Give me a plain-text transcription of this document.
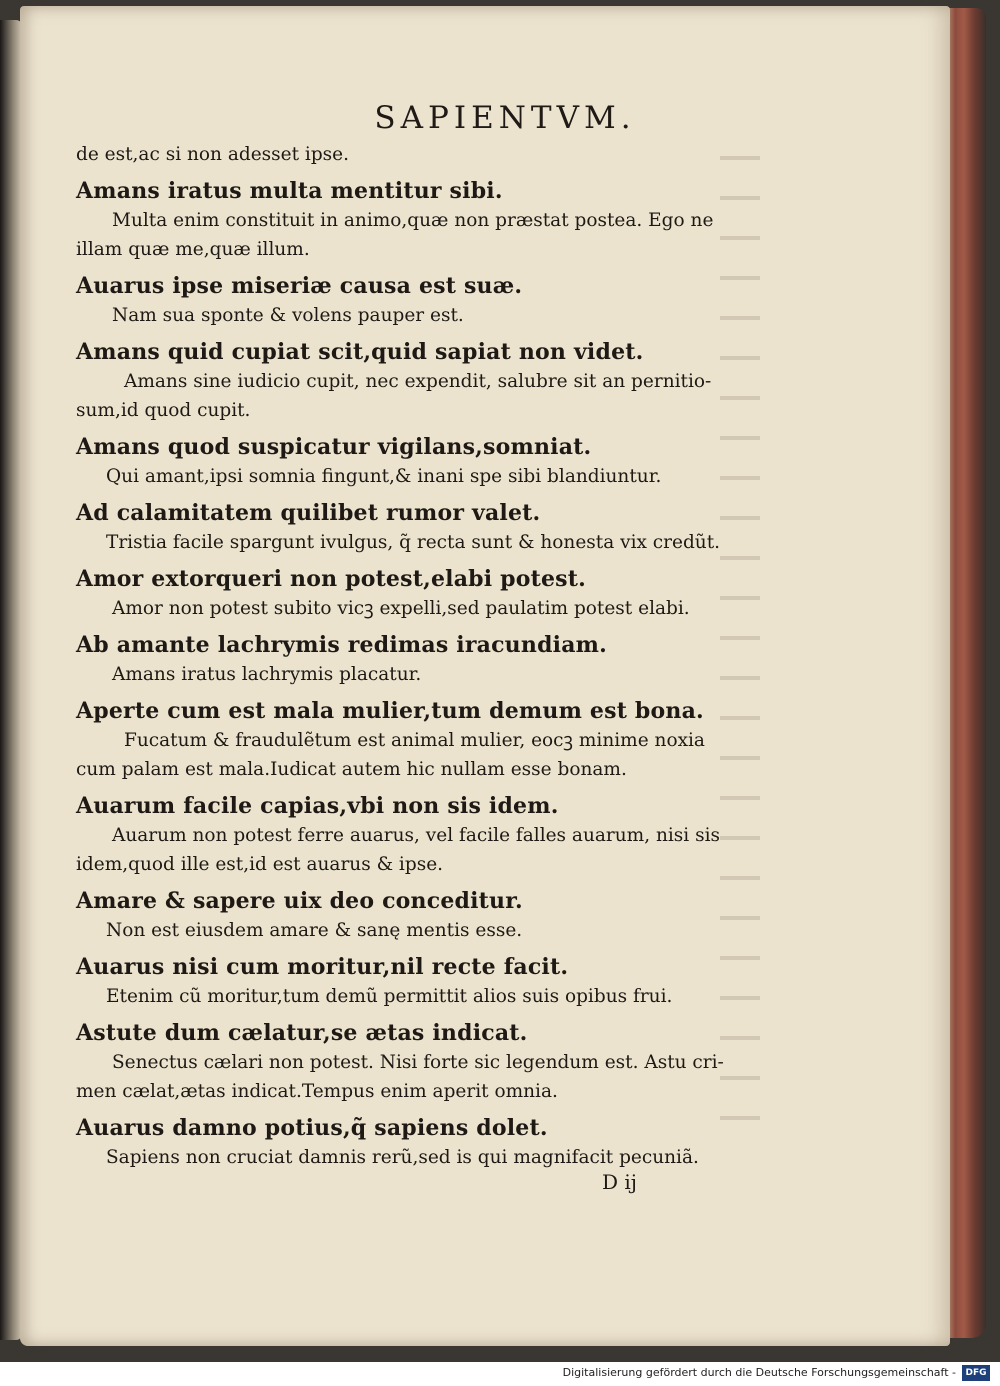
SAPIENTVM.
de est,ac si non adesset ipse.
Amans iratus multa mentitur sibi.
Multa enim constituit in animo,quæ non præstat postea. Ego ne
illam quæ me,quæ illum.
Auarus ipse miseriæ causa est suæ.
Nam sua sponte & volens pauper est.
Amans quid cupiat scit,quid sapiat non videt.
Amans sine iudicio cupit, nec expendit, salubre sit an pernitio-
sum,id quod cupit.
Amans quod suspicatur vigilans,somniat.
Qui amant,ipsi somnia fingunt,& inani spe sibi blandiuntur.
Ad calamitatem quilibet rumor valet.
Tristia facile spargunt ivulgus, q̃ recta sunt & honesta vix credũt.
Amor extorqueri non potest,elabi potest.
Amor non potest subito vicꝫ expelli,sed paulatim potest elabi.
Ab amante lachrymis redimas iracundiam.
Amans iratus lachrymis placatur.
Aperte cum est mala mulier,tum demum est bona.
Fucatum & fraudulẽtum est animal mulier, eocꝫ minime noxia
cum palam est mala.Iudicat autem hic nullam esse bonam.
Auarum facile capias,vbi non sis idem.
Auarum non potest ferre auarus, vel facile falles auarum, nisi sis
idem,quod ille est,id est auarus & ipse.
Amare & sapere uix deo conceditur.
Non est eiusdem amare & sanę mentis esse.
Auarus nisi cum moritur,nil recte facit.
Etenim cũ moritur,tum demũ permittit alios suis opibus frui.
Astute dum cælatur,se ætas indicat.
Senectus cælari non potest. Nisi forte sic legendum est. Astu cri-
men cælat,ætas indicat.Tempus enim aperit omnia.
Auarus damno potius,q̃ sapiens dolet.
Sapiens non cruciat damnis rerũ,sed is qui magnifacit pecuniã.
D ij
Digitalisierung gefördert durch die Deutsche Forschungsgemeinschaft -	DFG
